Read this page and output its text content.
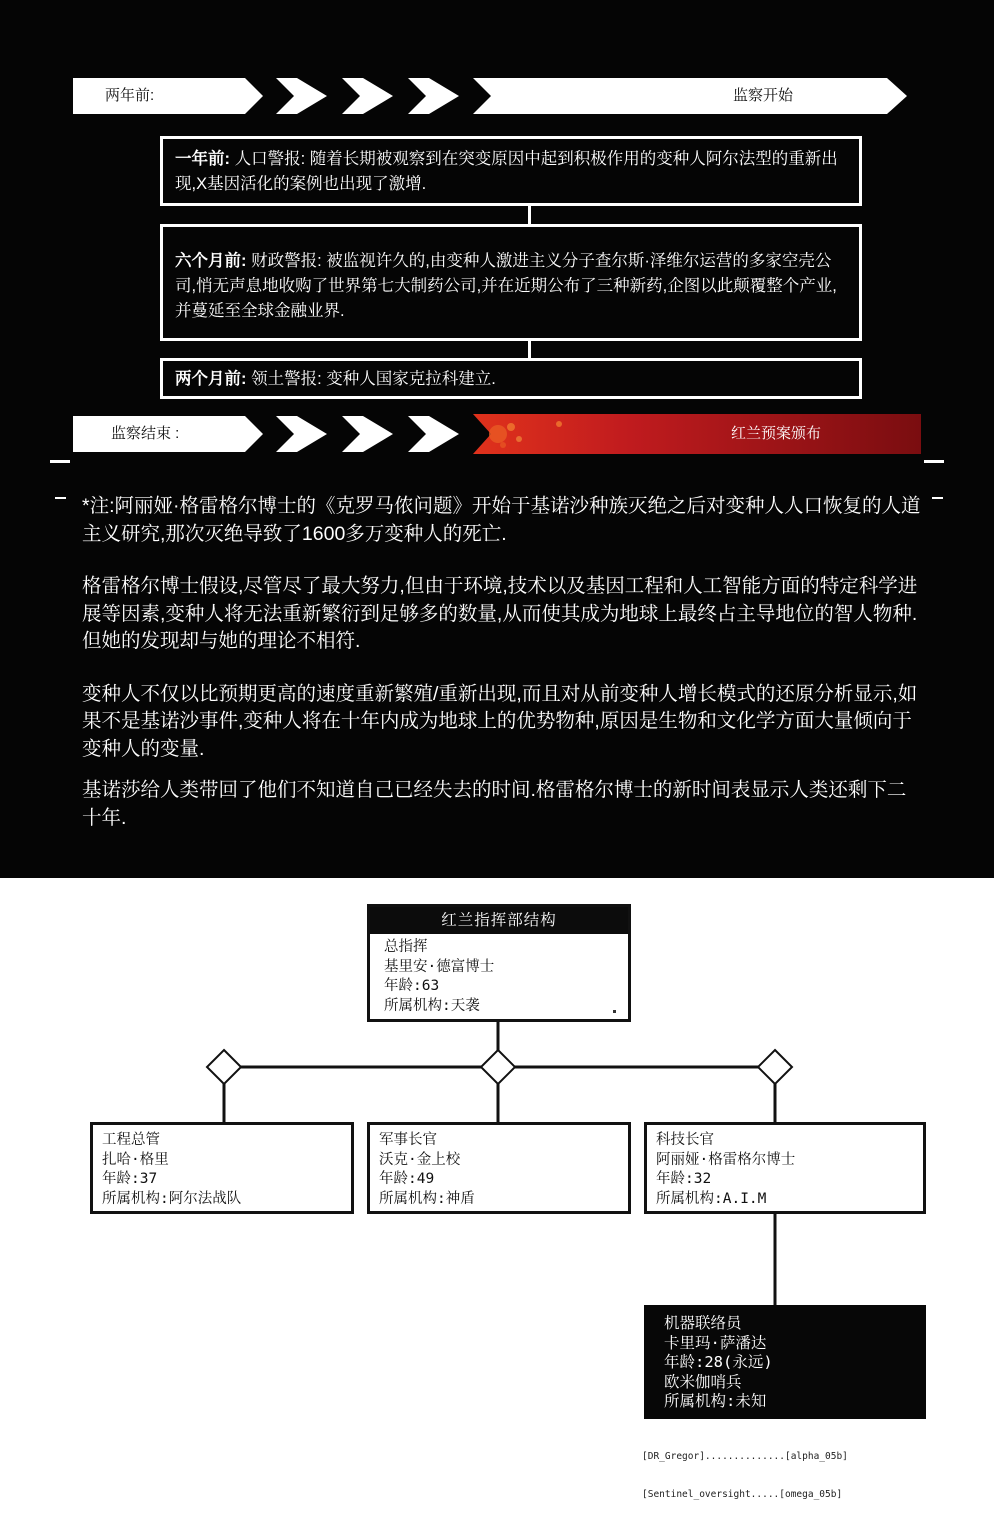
两年前:	监察开始
一年前: 人口警报: 随着长期被观察到在突变原因中起到积极作用的变种人阿尔法型的重新出现,X基因活化的案例也出现了激增.
六个月前: 财政警报: 被监视许久的,由变种人激进主义分子查尔斯·泽维尔运营的多家空壳公司,悄无声息地收购了世界第七大制药公司,并在近期公布了三种新药,企图以此颠覆整个产业,并蔓延至全球金融业界.
两个月前: 领土警报: 变种人国家克拉科建立.
监察结束 :	红兰预案颁布

*注:阿丽娅·格雷格尔博士的《克罗马侬问题》开始于基诺沙种族灭绝之后对变种人人口恢复的人道主义研究,那次灭绝导致了1600多万变种人的死亡.

格雷格尔博士假设,尽管尽了最大努力,但由于环境,技术以及基因工程和人工智能方面的特定科学进展等因素,变种人将无法重新繁衍到足够多的数量,从而使其成为地球上最终占主导地位的智人物种.但她的发现却与她的理论不相符.

变种人不仅以比预期更高的速度重新繁殖/重新出现,而且对从前变种人增长模式的还原分析显示,如果不是基诺沙事件,变种人将在十年内成为地球上的优势物种,原因是生物和文化学方面大量倾向于变种人的变量.

基诺莎给人类带回了他们不知道自己已经失去的时间.格雷格尔博士的新时间表显示人类还剩下二十年.

红兰指挥部结构
总指挥
基里安·德富博士
年龄:63
所属机构:天袭
工程总管
扎哈·格里
年龄:37
所属机构:阿尔法战队
军事长官
沃克·金上校
年龄:49
所属机构:神盾
科技长官
阿丽娅·格雷格尔博士
年龄:32
所属机构:A.I.M
机器联络员
卡里玛·萨潘达
年龄:28(永远)
欧米伽哨兵
所属机构:未知

[DR_Gregor]..............[alpha_05b]

[Sentinel_oversight.....[omega_05b]
